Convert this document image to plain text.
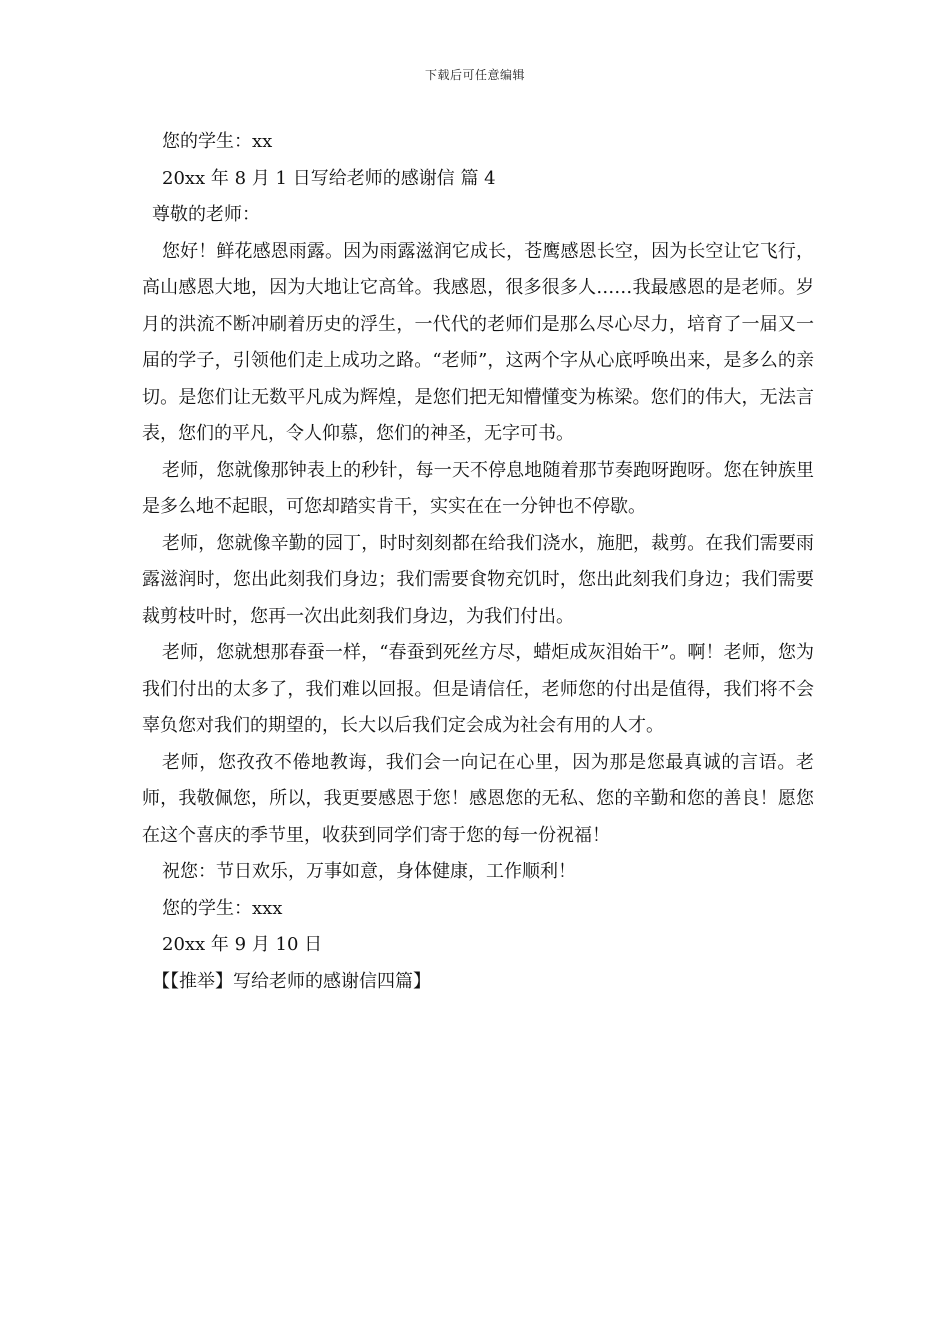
下载后可任意编辑

您的学生：xx

20xx 年 8 月 1 日写给老师的感谢信 篇 4

尊敬的老师：

您好！鲜花感恩雨露。因为雨露滋润它成长，苍鹰感恩长空，因为长空让它飞行，高山感恩大地，因为大地让它高耸。我感恩，很多很多人……我最感恩的是老师。岁月的洪流不断冲刷着历史的浮生，一代代的老师们是那么尽心尽力，培育了一届又一届的学子，引领他们走上成功之路。“老师”，这两个字从心底呼唤出来，是多么的亲切。是您们让无数平凡成为辉煌，是您们把无知懵懂变为栋梁。您们的伟大，无法言表，您们的平凡，令人仰慕，您们的神圣，无字可书。

老师，您就像那钟表上的秒针，每一天不停息地随着那节奏跑呀跑呀。您在钟族里是多么地不起眼，可您却踏实肯干，实实在在一分钟也不停歇。

老师，您就像辛勤的园丁，时时刻刻都在给我们浇水，施肥，裁剪。在我们需要雨露滋润时，您出此刻我们身边；我们需要食物充饥时，您出此刻我们身边；我们需要裁剪枝叶时，您再一次出此刻我们身边，为我们付出。

老师，您就想那春蚕一样，“春蚕到死丝方尽，蜡炬成灰泪始干”。啊！老师，您为我们付出的太多了，我们难以回报。但是请信任，老师您的付出是值得，我们将不会辜负您对我们的期望的，长大以后我们定会成为社会有用的人才。

老师，您孜孜不倦地教诲，我们会一向记在心里，因为那是您最真诚的言语。老师，我敬佩您，所以，我更要感恩于您！感恩您的无私、您的辛勤和您的善良！愿您在这个喜庆的季节里，收获到同学们寄于您的每一份祝福！

祝您：节日欢乐，万事如意，身体健康，工作顺利！

您的学生：xxx

20xx 年 9 月 10 日

【【推举】写给老师的感谢信四篇】
